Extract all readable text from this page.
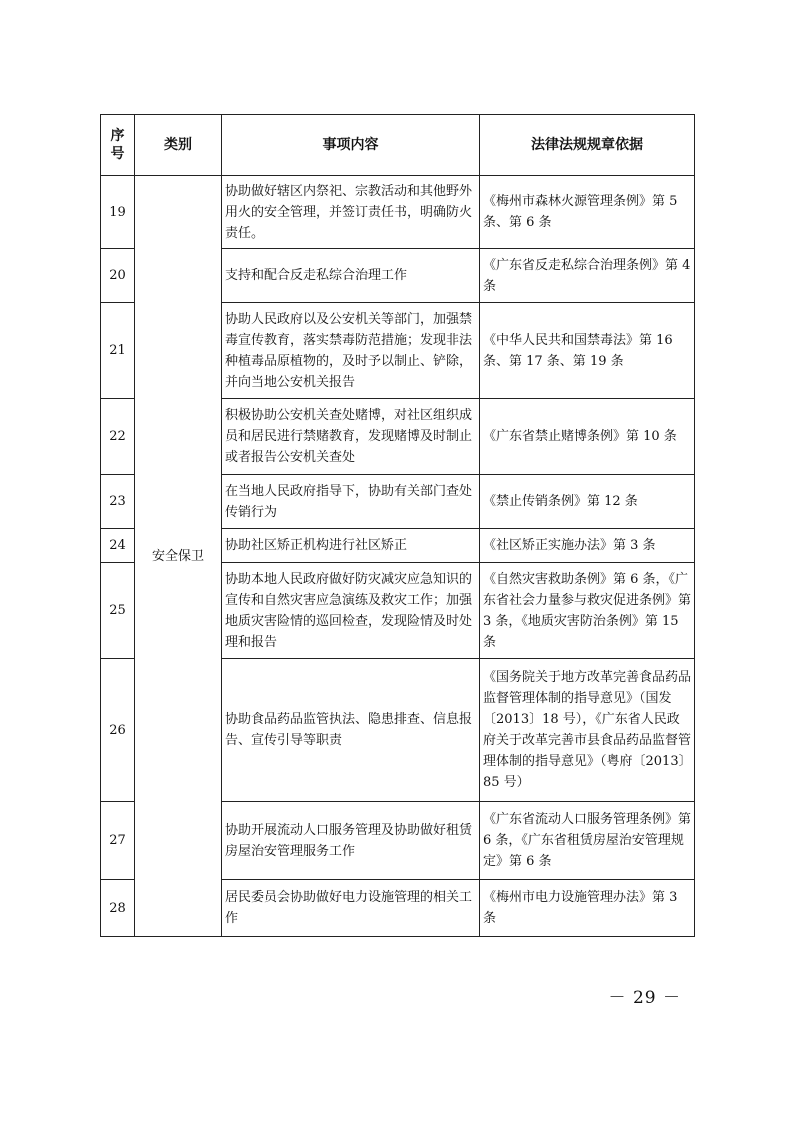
序
号	类别	事项内容	法律法规规章依据
19	安全保卫	协助做好辖区内祭祀、宗教活动和其他野外用火的安全管理，并签订责任书，明确防火责任。	《梅州市森林火源管理条例》第 5 条、第 6 条
20		支持和配合反走私综合治理工作	《广东省反走私综合治理条例》第 4 条
21		协助人民政府以及公安机关等部门，加强禁毒宣传教育，落实禁毒防范措施；发现非法种植毒品原植物的，及时予以制止、铲除，并向当地公安机关报告	《中华人民共和国禁毒法》第 16 条、第 17 条、第 19 条
22		积极协助公安机关查处赌博，对社区组织成员和居民进行禁赌教育，发现赌博及时制止或者报告公安机关查处	《广东省禁止赌博条例》第 10 条
23		在当地人民政府指导下，协助有关部门查处传销行为	《禁止传销条例》第 12 条
24		协助社区矫正机构进行社区矫正	《社区矫正实施办法》第 3 条
25		协助本地人民政府做好防灾减灾应急知识的宣传和自然灾害应急演练及救灾工作；加强地质灾害险情的巡回检查，发现险情及时处理和报告	《自然灾害救助条例》第 6 条，《广东省社会力量参与救灾促进条例》第 3 条，《地质灾害防治条例》第 15 条
26		协助食品药品监管执法、隐患排查、信息报告、宣传引导等职责	《国务院关于地方改革完善食品药品监督管理体制的指导意见》（国发〔2013〕18 号），《广东省人民政府关于改革完善市县食品药品监督管理体制的指导意见》（粤府〔2013〕85 号）
27		协助开展流动人口服务管理及协助做好租赁房屋治安管理服务工作	《广东省流动人口服务管理条例》第 6 条，《广东省租赁房屋治安管理规定》第 6 条
28		居民委员会协助做好电力设施管理的相关工作	《梅州市电力设施管理办法》第 3 条
－ 29 －
